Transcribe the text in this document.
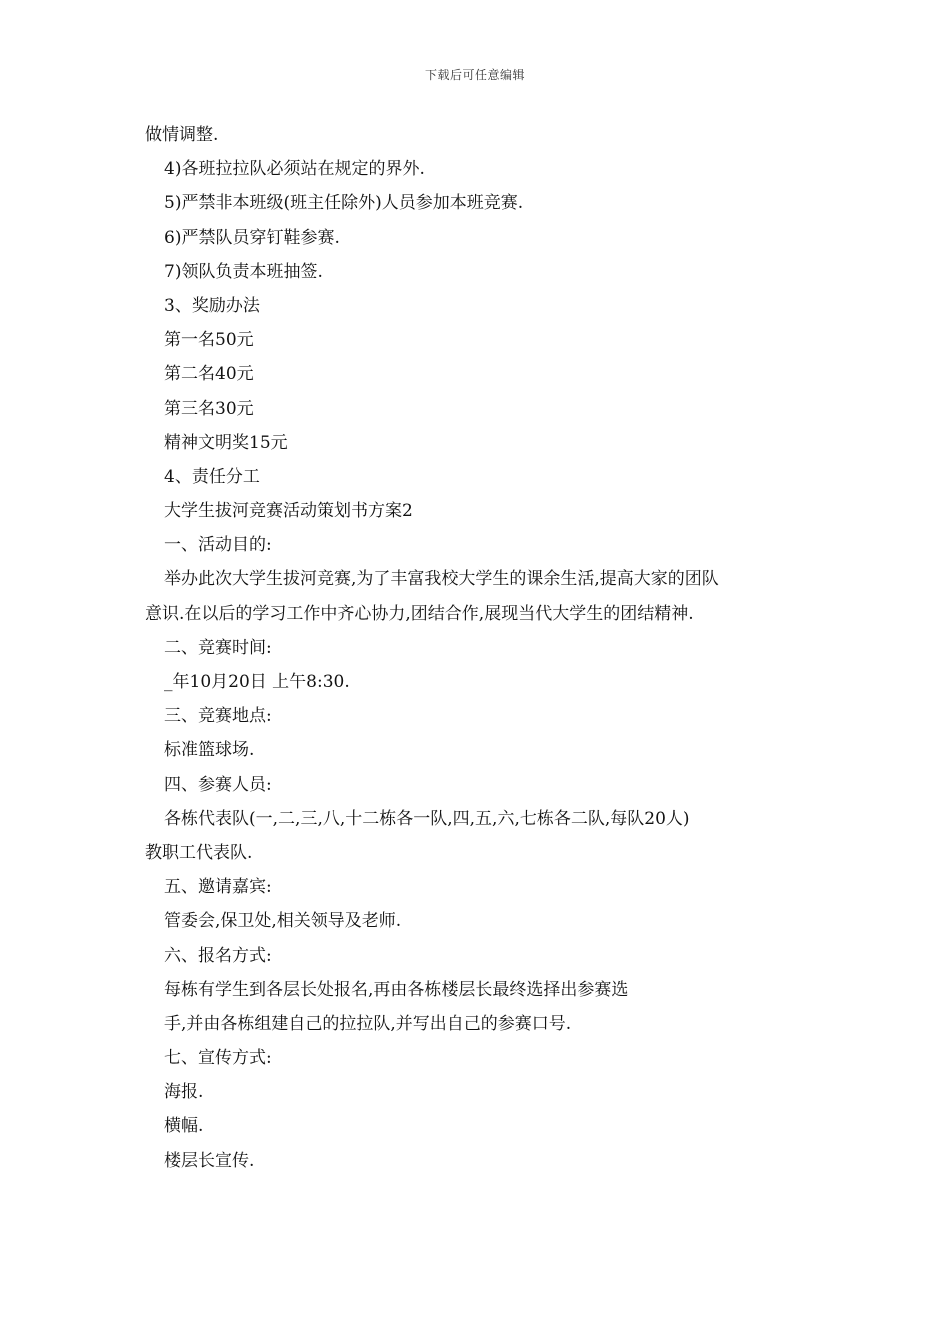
下载后可任意编辑
做情调整.
4)各班拉拉队必须站在规定的界外.
5)严禁非本班级(班主任除外)人员参加本班竞赛.
6)严禁队员穿钉鞋参赛.
7)领队负责本班抽签.
3、奖励办法
第一名50元
第二名40元
第三名30元
精神文明奖15元
4、责任分工
大学生拔河竞赛活动策划书方案2
一、活动目的:
举办此次大学生拔河竞赛,为了丰富我校大学生的课余生活,提高大家的团队
意识.在以后的学习工作中齐心协力,团结合作,展现当代大学生的团结精神.
二、竞赛时间:
_年10月20日 上午8:30.
三、竞赛地点:
标准篮球场.
四、参赛人员:
各栋代表队(一,二,三,八,十二栋各一队,四,五,六,七栋各二队,每队20人)
教职工代表队.
五、邀请嘉宾:
管委会,保卫处,相关领导及老师.
六、报名方式:
每栋有学生到各层长处报名,再由各栋楼层长最终选择出参赛选
手,并由各栋组建自己的拉拉队,并写出自己的参赛口号.
七、宣传方式:
海报.
横幅.
楼层长宣传.
